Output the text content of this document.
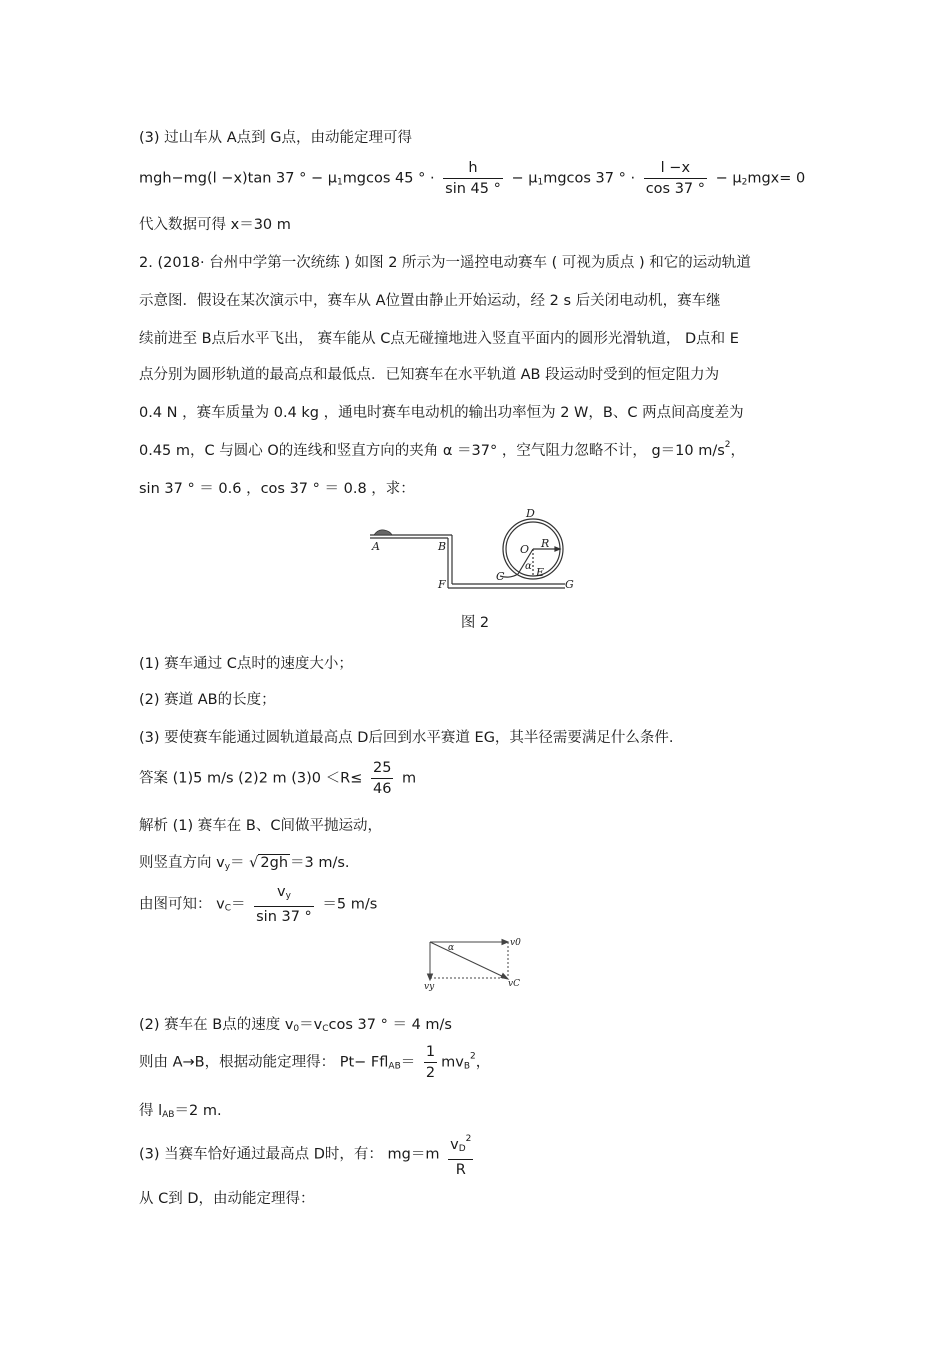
(3) 过山车从 A点到 G点，由动能定理可得
mgh−mg(l −x)tan 37 ° − $\mu_1mgcos$ 45 ° · $\frac{h}{\sin 45 ^\circ} - \mu_1mgcos$ 37 ° · $\frac{l -x}{\cos 37 ^\circ} - \mu_2mgx= 0$
代入数据可得 x＝30 m
2. (2018· 台州中学第一次统练 ) 如图 2 所示为一遥控电动赛车 ( 可视为质点 ) 和它的运动轨道
示意图．假设在某次演示中，赛车从 A位置由静止开始运动，经 2 s 后关闭电动机，赛车继
续前进至 B点后水平飞出， 赛车能从 C点无碰撞地进入竖直平面内的圆形光滑轨道， D点和 E
点分别为圆形轨道的最高点和最低点．已知赛车在水平轨道 AB 段运动时受到的恒定阻力为
0.4 N ，赛车质量为 0.4 kg ，通电时赛车电动机的输出功率恒为 2 W，B、C 两点间高度差为
0.45 m，C 与圆心 O的连线和竖直方向的夹角 α ＝37° ，空气阻力忽略不计， g＝10 $m/s^2$，
sin 37 ° ＝ 0.6 ，cos 37 ° ＝ 0.8 ，求：
A	B
F
C
D
E
G
O R
α
图 2
(1) 赛车通过 C点时的速度大小；
(2) 赛道 AB的长度；
(3) 要使赛车能通过圆轨道最高点 D后回到水平赛道 EG，其半径需要满足什么条件.
答案 (1)5 m/s (2)2 m $(3)0 <R\le \frac{25}{46}$ m
解析 (1) 赛车在 B、C间做平抛运动，
则竖直方向 $v_y=$ √ 2gh ＝3 m/s.
由图可知： $v_C= \frac{v_y}{\sin 37 ^\circ} =5$ m/s
α	v0
vy	vC
(2) 赛车在 B点的速度 $v_0=v_C\cos$ 37 ° ＝ 4 m/s
则由 A→B，根据动能定理得： $Pt- Ffl_{AB}= \frac{1}{2} mv_B^2$，
得 $l_{AB}=2$ m.
(3) 当赛车恰好通过最高点 D时，有： $mg=m \frac{v_D^2}{R}$
从 C到 D，由动能定理得：
